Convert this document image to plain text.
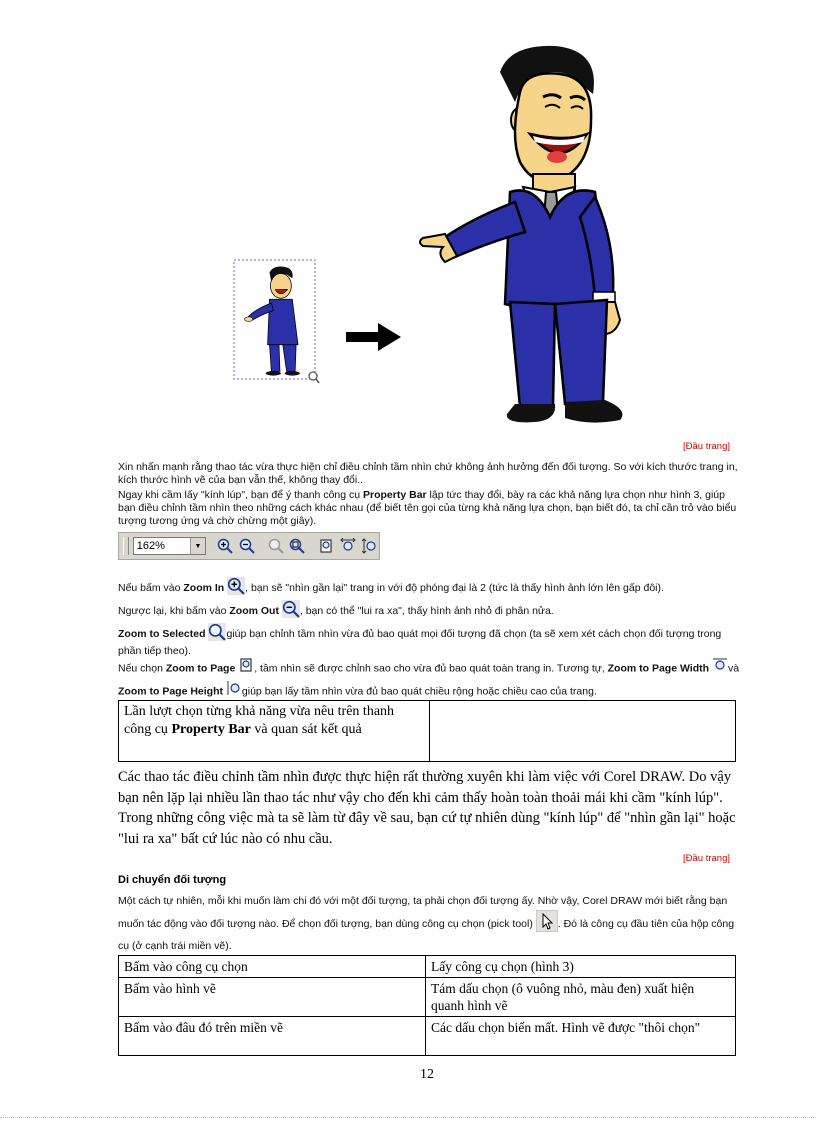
[Đầu trang]
Xin nhấn mạnh rằng thao tác vừa thực hiện chỉ điều chỉnh tầm nhìn chứ không ảnh hưởng đến đối tượng. So với kích thước trang in, kích thước hình vẽ của bạn vẫn thế, không thay đổi..
Ngay khi cầm lấy "kính lúp", bạn để ý thanh công cụ Property Bar lập tức thay đổi, bày ra các khả năng lựa chọn như hình 3, giúp bạn điều chỉnh tầm nhìn theo những cách khác nhau (để biết tên gọi của từng khả năng lựa chọn, bạn biết đó, ta chỉ cần trỏ vào biểu tượng tương ứng và chờ chừng một giây).
162%	▼
Nếu bấm vào Zoom In , bạn sẽ "nhìn gần lại" trang in với độ phóng đại là 2 (tức là thấy hình ảnh lớn lên gấp đôi).
Ngược lại, khi bấm vào Zoom Out , bạn có thể "lui ra xa", thấy hình ảnh nhỏ đi phân nửa.
Zoom to Selected giúp bạn chỉnh tầm nhìn vừa đủ bao quát mọi đối tượng đã chọn (ta sẽ xem xét cách chọn đối tượng trong phần tiếp theo).
Nếu chọn Zoom to Page , tầm nhìn sẽ được chỉnh sao cho vừa đủ bao quát toàn trang in. Tương tự, Zoom to Page Width và Zoom to Page Height giúp bạn lấy tầm nhìn vừa đủ bao quát chiều rộng hoặc chiều cao của trang.
Lần lượt chọn từng khả năng vừa nêu trên thanh công cụ Property Bar và quan sát kết quả	
Các thao tác điều chỉnh tầm nhìn được thực hiện rất thường xuyên khi làm việc với Corel DRAW. Do vậy bạn nên lặp lại nhiều lần thao tác như vậy cho đến khi cảm thấy hoàn toàn thoải mái khi cầm "kính lúp". Trong những công việc mà ta sẽ làm từ đây về sau, bạn cứ tự nhiên dùng "kính lúp" để "nhìn gần lại" hoặc "lui ra xa" bất cứ lúc nào có nhu cầu.
[Đầu trang]
Di chuyển đối tượng
Một cách tự nhiên, mỗi khi muốn làm chi đó với một đối tượng, ta phải chọn đối tượng ấy. Nhờ vậy, Corel DRAW mới biết rằng bạn muốn tác động vào đối tượng nào. Để chọn đối tượng, bạn dùng công cụ chọn (pick tool) . Đó là công cụ đầu tiên của hộp công cụ (ở cạnh trái miền vẽ).
Bấm vào công cụ chọn	Lấy công cụ chọn (hình 3)
Bấm vào hình vẽ	Tám dấu chọn (ô vuông nhỏ, màu đen) xuất hiện quanh hình vẽ
Bấm vào đâu đó trên miền vẽ	Các dấu chọn biến mất. Hình vẽ được "thôi chọn"
12
